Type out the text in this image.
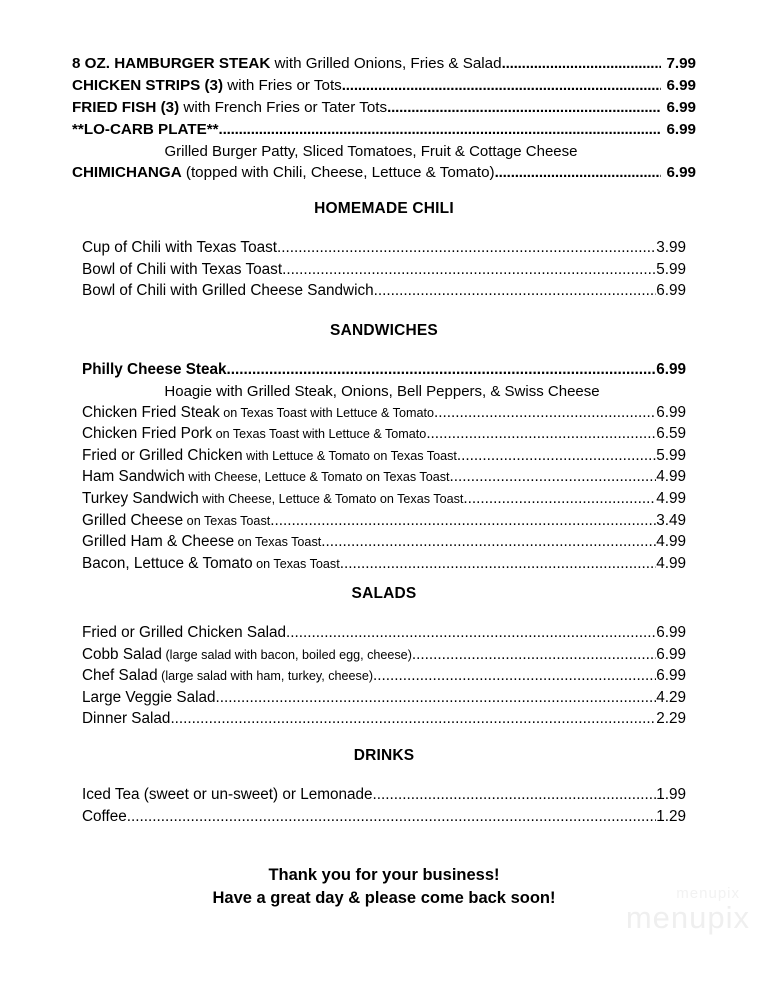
8 OZ. HAMBURGER STEAK with Grilled Onions, Fries & Salad .....	7.99
CHICKEN STRIPS (3) with Fries or Tots .....	6.99
FRIED FISH (3) with French Fries or Tater Tots .....	6.99
**LO-CARB PLATE** .....	6.99
Grilled Burger Patty, Sliced Tomatoes, Fruit & Cottage Cheese
CHIMICHANGA (topped with Chili, Cheese, Lettuce & Tomato) .....	6.99
HOMEMADE CHILI
Cup of Chili with Texas Toast .....	3.99
Bowl of Chili with Texas Toast .....	5.99
Bowl of Chili with Grilled Cheese Sandwich .....	6.99
SANDWICHES
Philly Cheese Steak .....	6.99
Hoagie with Grilled Steak, Onions, Bell Peppers, & Swiss Cheese
Chicken Fried Steak on Texas Toast with Lettuce & Tomato .....	6.99
Chicken Fried Pork on Texas Toast with Lettuce & Tomato .....	6.59
Fried or Grilled Chicken with Lettuce & Tomato on Texas Toast .....	5.99
Ham Sandwich with Cheese, Lettuce & Tomato on Texas Toast .....	4.99
Turkey Sandwich with Cheese, Lettuce & Tomato on Texas Toast .....	4.99
Grilled Cheese on Texas Toast .....	3.49
Grilled Ham & Cheese on Texas Toast .....	4.99
Bacon, Lettuce & Tomato on Texas Toast .....	4.99
SALADS
Fried or Grilled Chicken Salad .....	6.99
Cobb Salad (large salad with bacon, boiled egg, cheese) .....	6.99
Chef Salad (large salad with ham, turkey, cheese) .....	6.99
Large Veggie Salad .....	4.29
Dinner Salad .....	2.29
DRINKS
Iced Tea (sweet or un-sweet) or Lemonade .....	1.99
Coffee .....	1.29
Thank you for your business!
Have a great day & please come back soon!	menupix
menupix
